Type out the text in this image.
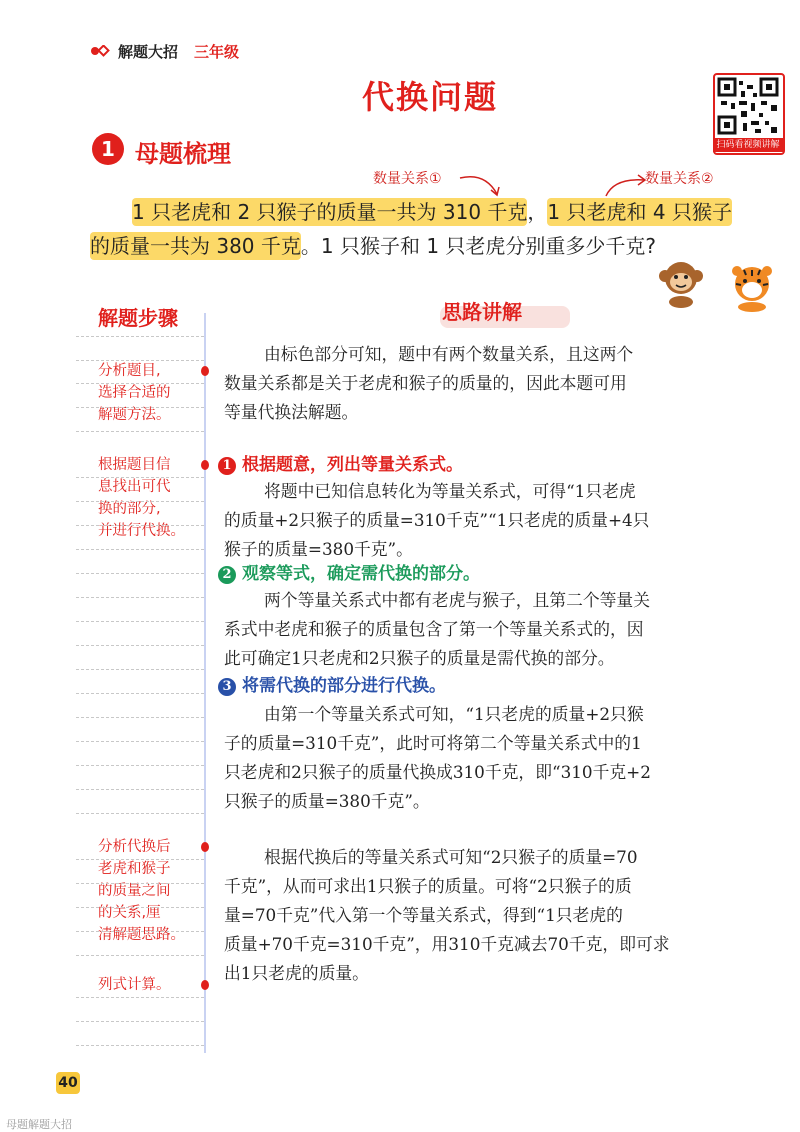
解题大招 三年级
代换问题
扫码看视频讲解
1 母题梳理
数量关系①	数量关系②
1 只老虎和 2 只猴子的质量一共为 310 千克，1 只老虎和 4 只猴子
的质量一共为 380 千克。1 只猴子和 1 只老虎分别重多少千克?
解题步骤
分析题目,
选择合适的
解题方法。
根据题目信
息找出可代
换的部分,
并进行代换。
分析代换后
老虎和猴子
的质量之间
的关系,厘
清解题思路。
列式计算。
思路讲解
由标色部分可知，题中有两个数量关系，且这两个
数量关系都是关于老虎和猴子的质量的，因此本题可用
等量代换法解题。
1 根据题意，列出等量关系式。
将题中已知信息转化为等量关系式，可得“1只老虎
的质量+2只猴子的质量=310千克”“1只老虎的质量+4只
猴子的质量=380千克”。
2 观察等式，确定需代换的部分。
两个等量关系式中都有老虎与猴子，且第二个等量关
系式中老虎和猴子的质量包含了第一个等量关系式的，因
此可确定1只老虎和2只猴子的质量是需代换的部分。
3 将需代换的部分进行代换。
由第一个等量关系式可知，“1只老虎的质量+2只猴
子的质量=310千克”，此时可将第二个等量关系式中的1
只老虎和2只猴子的质量代换成310千克，即“310千克+2
只猴子的质量=380千克”。
根据代换后的等量关系式可知“2只猴子的质量=70
千克”，从而可求出1只猴子的质量。可将“2只猴子的质
量=70千克”代入第一个等量关系式，得到“1只老虎的
质量+70千克=310千克”，用310千克减去70千克，即可求
出1只老虎的质量。
40
母题解题大招
